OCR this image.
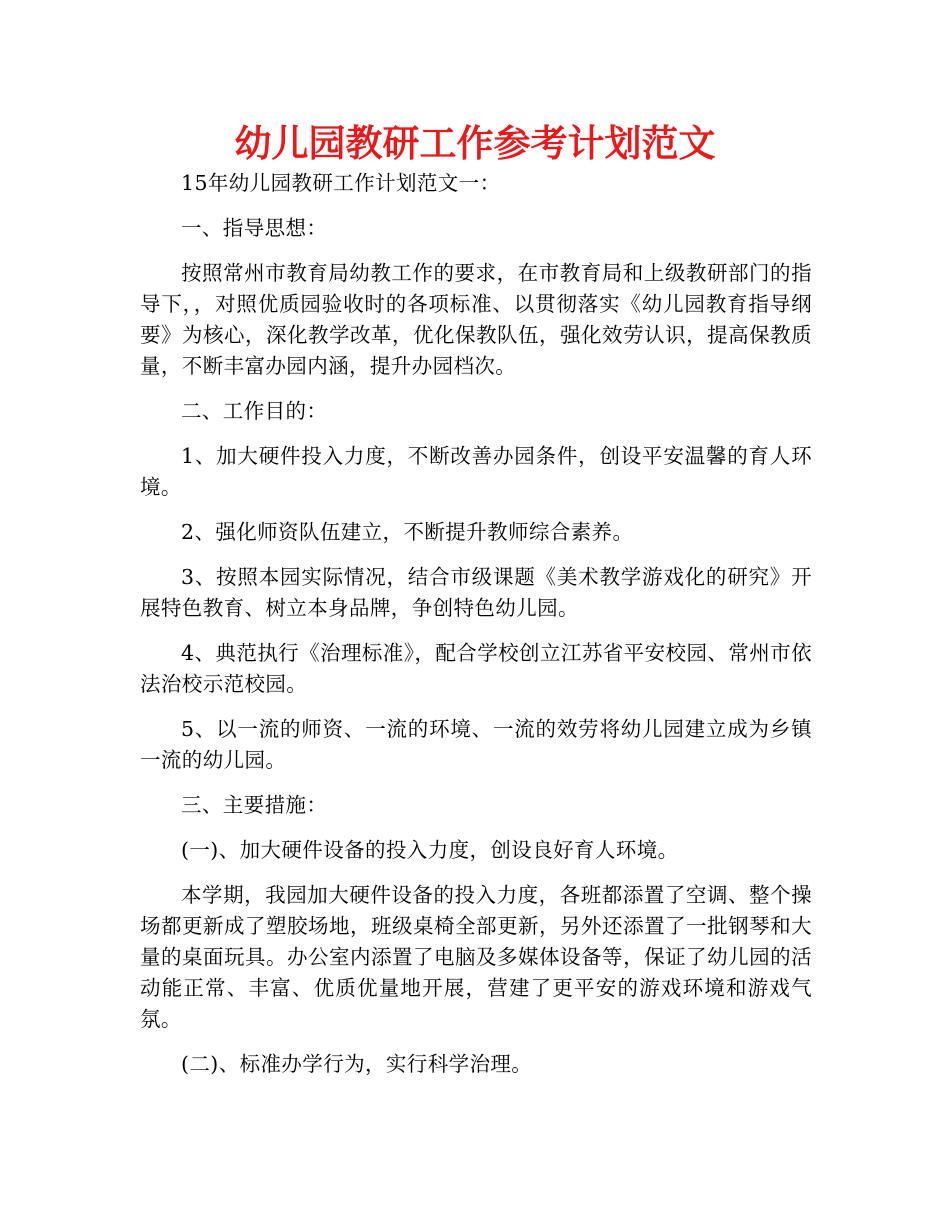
幼儿园教研工作参考计划范文

15年幼儿园教研工作计划范文一：

一、指导思想：

按照常州市教育局幼教工作的要求，在市教育局和上级教研部门的指导下，，对照优质园验收时的各项标准、以贯彻落实《幼儿园教育指导纲要》为核心，深化教学改革，优化保教队伍，强化效劳认识，提高保教质量，不断丰富办园内涵，提升办园档次。

二、工作目的：

1、加大硬件投入力度，不断改善办园条件，创设平安温馨的育人环境。

2、强化师资队伍建立，不断提升教师综合素养。

3、按照本园实际情况，结合市级课题《美术教学游戏化的研究》开展特色教育、树立本身品牌，争创特色幼儿园。

4、典范执行《治理标准》，配合学校创立江苏省平安校园、常州市依法治校示范校园。

5、以一流的师资、一流的环境、一流的效劳将幼儿园建立成为乡镇一流的幼儿园。

三、主要措施：

(一)、加大硬件设备的投入力度，创设良好育人环境。

本学期，我园加大硬件设备的投入力度，各班都添置了空调、整个操场都更新成了塑胶场地，班级桌椅全部更新，另外还添置了一批钢琴和大量的桌面玩具。办公室内添置了电脑及多媒体设备等，保证了幼儿园的活动能正常、丰富、优质优量地开展，营建了更平安的游戏环境和游戏气氛。

(二)、标准办学行为，实行科学治理。
